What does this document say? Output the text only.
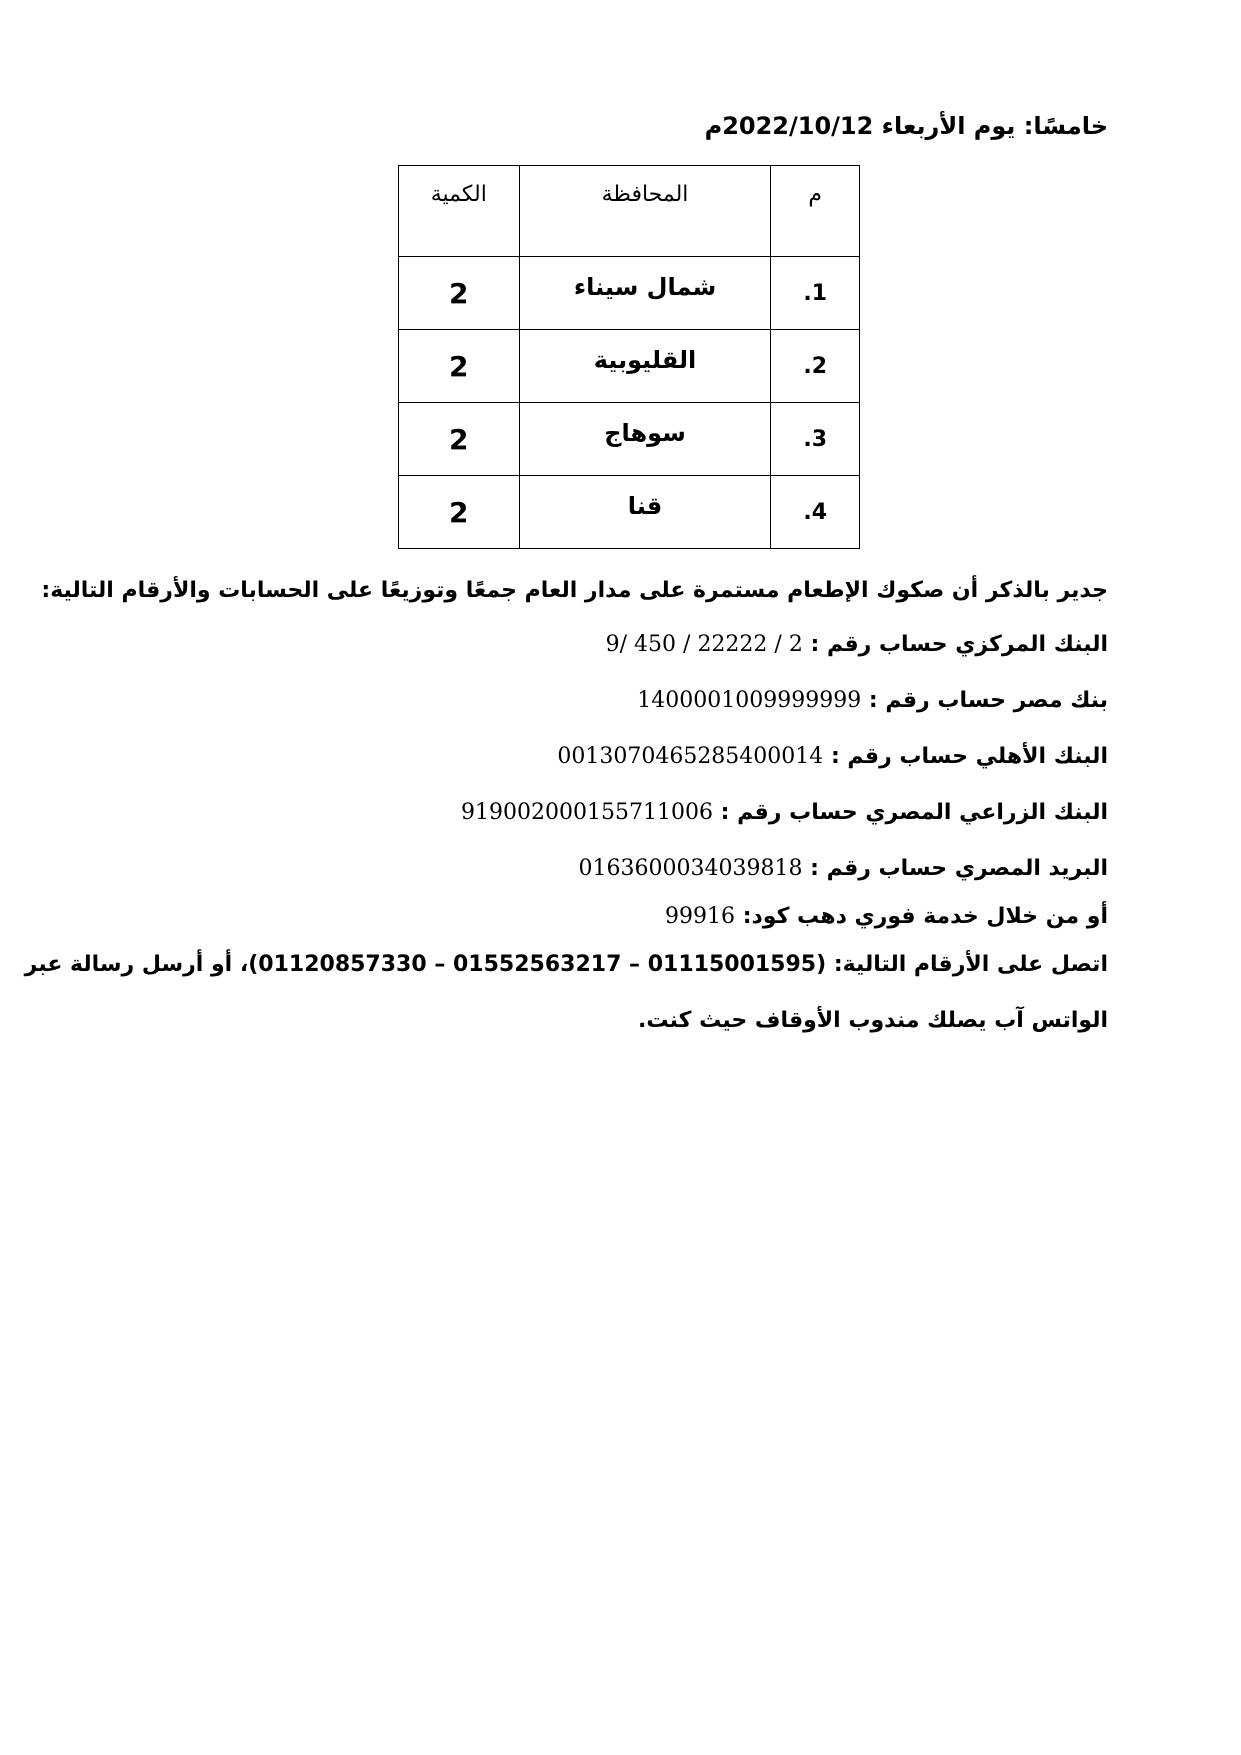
خامسًا: يوم الأربعاء 2022/10/12م
م	المحافظة	الكمية
.1	شمال سيناء	2
.2	القليوبية	2
.3	سوهاج	2
.4	قنا	2
جدير بالذكر أن صكوك الإطعام مستمرة على مدار العام جمعًا وتوزيعًا على الحسابات والأرقام التالية:
البنك المركزي حساب رقم : 2 / 22222 / 450 /9
بنك مصر حساب رقم : 1400001009999999
البنك الأهلي حساب رقم : 0013070465285400014
البنك الزراعي المصري حساب رقم : 919002000155711006
البريد المصري حساب رقم : 0163600034039818
أو من خلال خدمة فوري دهب كود: 99916
اتصل على الأرقام التالية: (01115001595 – 01552563217 – 01120857330)، أو أرسل رسالة عبر
الواتس آب يصلك مندوب الأوقاف حيث كنت.
